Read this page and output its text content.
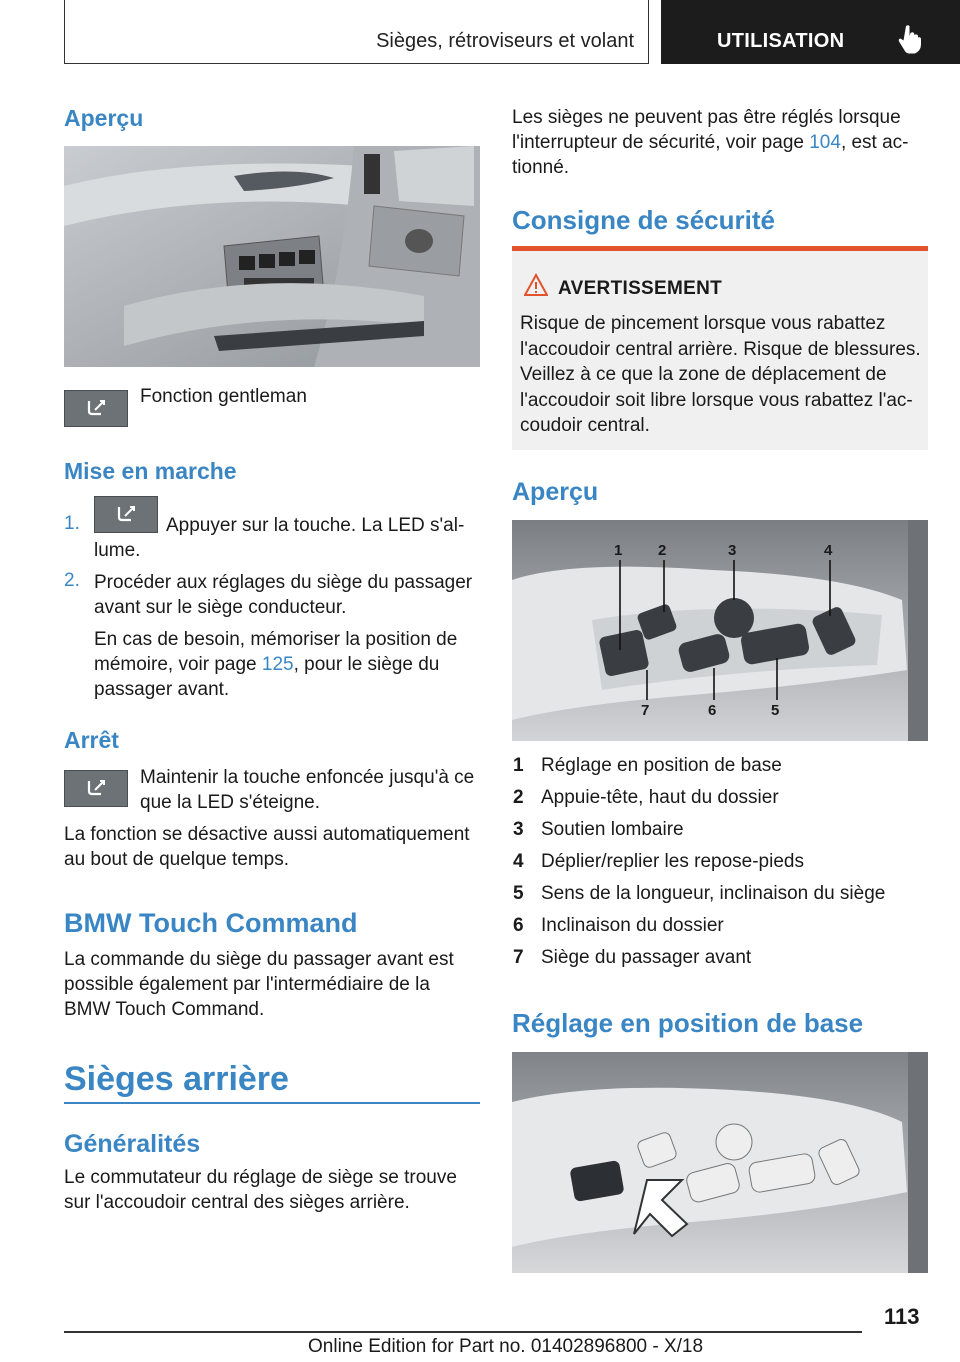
Sièges, rétroviseurs et volant	UTILISATION
Aperçu
Fonction gentleman
Mise en marche
1.	Appuyer sur la touche. La LED s'al-
lume.
2. Procéder aux réglages du siège du passager
avant sur le siège conducteur.
En cas de besoin, mémoriser la position de
mémoire, voir page 125, pour le siège du
passager avant.
Arrêt
Maintenir la touche enfoncée jusqu'à ce
que la LED s'éteigne.
La fonction se désactive aussi automatiquement
au bout de quelque temps.
BMW Touch Command
La commande du siège du passager avant est
possible également par l'intermédiaire de la
BMW Touch Command.
Sièges arrière
Généralités
Le commutateur du réglage de siège se trouve
sur l'accoudoir central des sièges arrière.
Les sièges ne peuvent pas être réglés lorsque
l'interrupteur de sécurité, voir page 104, est ac-
tionné.
Consigne de sécurité
AVERTISSEMENT
Risque de pincement lorsque vous rabattez
l'accoudoir central arrière. Risque de blessures.
Veillez à ce que la zone de déplacement de
l'accoudoir soit libre lorsque vous rabattez l'ac-
coudoir central.
Aperçu
1 2	3	4
7	6	5
1 Réglage en position de base
2 Appuie-tête, haut du dossier
3 Soutien lombaire
4 Déplier/replier les repose-pieds
5 Sens de la longueur, inclinaison du siège
6 Inclinaison du dossier
7 Siège du passager avant
Réglage en position de base
113
Online Edition for Part no. 01402896800 - X/18
